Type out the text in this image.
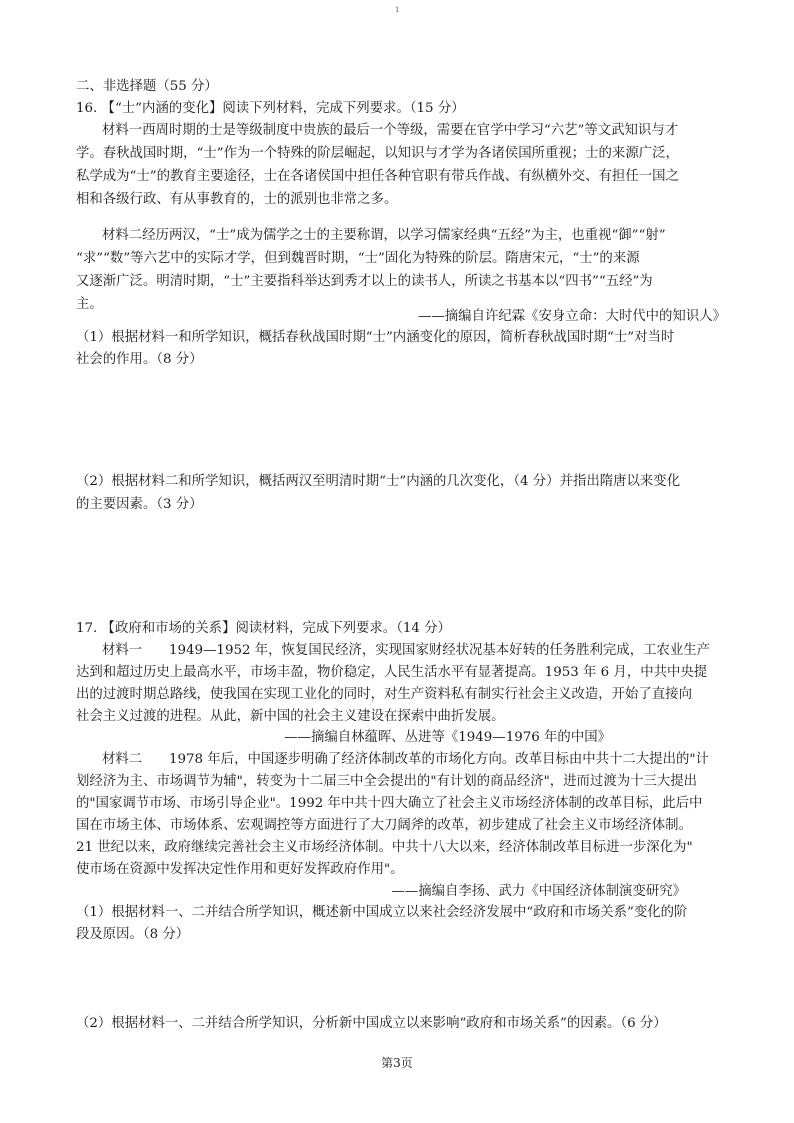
1
二、非选择题（55 分）
16. 【“士”内涵的变化】阅读下列材料，完成下列要求。（15 分）
材料一西周时期的士是等级制度中贵族的最后一个等级，需要在官学中学习“六艺”等文武知识与才
学。春秋战国时期，“士”作为一个特殊的阶层崛起，以知识与才学为各诸侯国所重视；士的来源广泛，
私学成为“士”的教育主要途径，士在各诸侯国中担任各种官职有带兵作战、有纵横外交、有担任一国之
相和各级行政、有从事教育的，士的派别也非常之多。
材料二经历两汉，“士”成为儒学之士的主要称谓，以学习儒家经典“五经”为主，也重视“御”“射”
“求”“数”等六艺中的实际才学，但到魏晋时期，“士”固化为特殊的阶层。隋唐宋元，“士”的来源
又逐渐广泛。明清时期，“士”主要指科举达到秀才以上的读书人，所读之书基本以“四书”“五经”为
主。
——摘编自许纪霖《安身立命：大时代中的知识人》
（1）根据材料一和所学知识，概括春秋战国时期“士”内涵变化的原因，简析春秋战国时期“士”对当时
社会的作用。（8 分）
（2）根据材料二和所学知识，概括两汉至明清时期“士”内涵的几次变化，（4 分）并指出隋唐以来变化
的主要因素。（3 分）
17. 【政府和市场的关系】阅读材料，完成下列要求。（14 分）
材料一　　1949—1952 年，恢复国民经济，实现国家财经状况基本好转的任务胜利完成，工农业生产
达到和超过历史上最高水平，市场丰盈，物价稳定，人民生活水平有显著提高。1953 年 6 月，中共中央提
出的过渡时期总路线，使我国在实现工业化的同时，对生产资料私有制实行社会主义改造，开始了直接向
社会主义过渡的进程。从此，新中国的社会主义建设在探索中曲折发展。
——摘编自林蕴晖、丛进等《1949—1976 年的中国》
材料二　　1978 年后，中国逐步明确了经济体制改革的市场化方向。改革目标由中共十二大提出的"计
划经济为主、市场调节为辅"，转变为十二届三中全会提出的"有计划的商品经济"，进而过渡为十三大提出
的"国家调节市场、市场引导企业"。1992 年中共十四大确立了社会主义市场经济体制的改革目标，此后中
国在市场主体、市场体系、宏观调控等方面进行了大刀阔斧的改革，初步建成了社会主义市场经济体制。
21 世纪以来，政府继续完善社会主义市场经济体制。中共十八大以来，经济体制改革目标进一步深化为"
使市场在资源中发挥决定性作用和更好发挥政府作用"。
——摘编自李扬、武力《中国经济体制演变研究》
（1）根据材料一、二并结合所学知识，概述新中国成立以来社会经济发展中“政府和市场关系”变化的阶
段及原因。（8 分）
（2）根据材料一、二并结合所学知识，分析新中国成立以来影响“政府和市场关系”的因素。（6 分）
第3页
